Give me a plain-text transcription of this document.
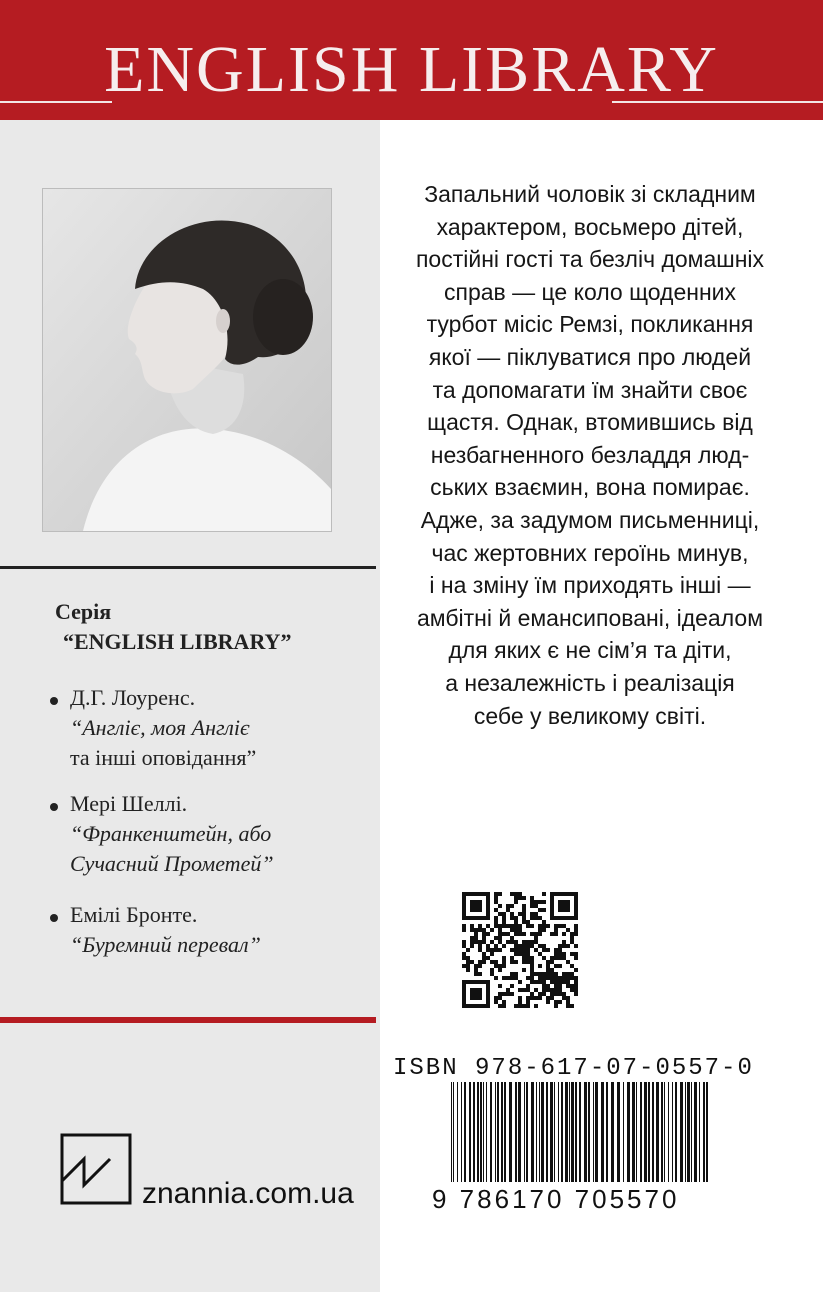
ENGLISH LIBRARY
Серія
“ENGLISH LIBRARY”
Д.Г. Лоуренс.
“Англіє, моя Англіє
та інші оповідання”
Мері Шеллі.
“Франкенштейн, або
Сучасний Прометей”
Емілі Бронте.
“Буремний перевал”
znannia.com.ua
Запальний чоловік зі складним
характером, восьмеро дітей,
постійні гості та безліч домашніх
справ — це коло щоденних
турбот місіс Ремзі, покликання
якої — піклуватися про людей
та допомагати їм знайти своє
щастя. Однак, втомившись від
незбагненного безладдя люд-
ських взаємин, вона помирає.
Адже, за задумом письменниці,
час жертовних героїнь минув,
і на зміну їм приходять інші —
амбітні й емансиповані, ідеалом
для яких є не сім’я та діти,
а незалежність і реалізація
себе у великому світі.
ISBN 978-617-07-0557-0
9 786170 705570
